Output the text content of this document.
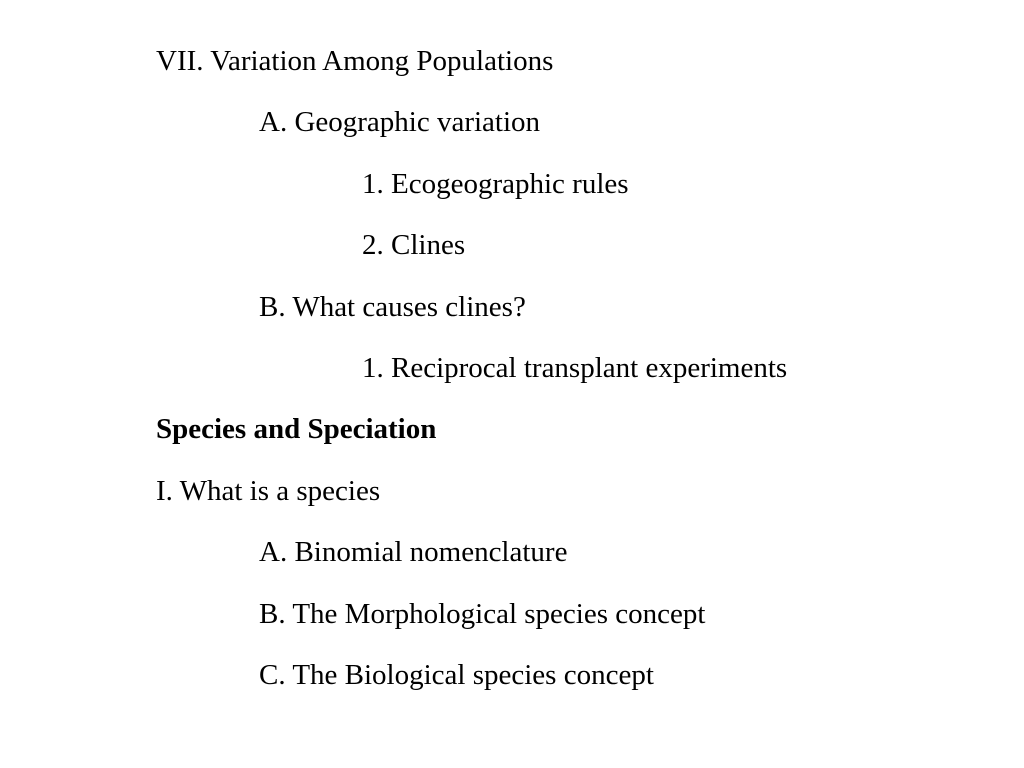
VII. Variation Among Populations
A. Geographic variation
1. Ecogeographic rules
2. Clines
B. What causes clines?
1. Reciprocal transplant experiments
Species and Speciation
I. What is a species
A. Binomial nomenclature
B. The Morphological species concept
C. The Biological species concept
